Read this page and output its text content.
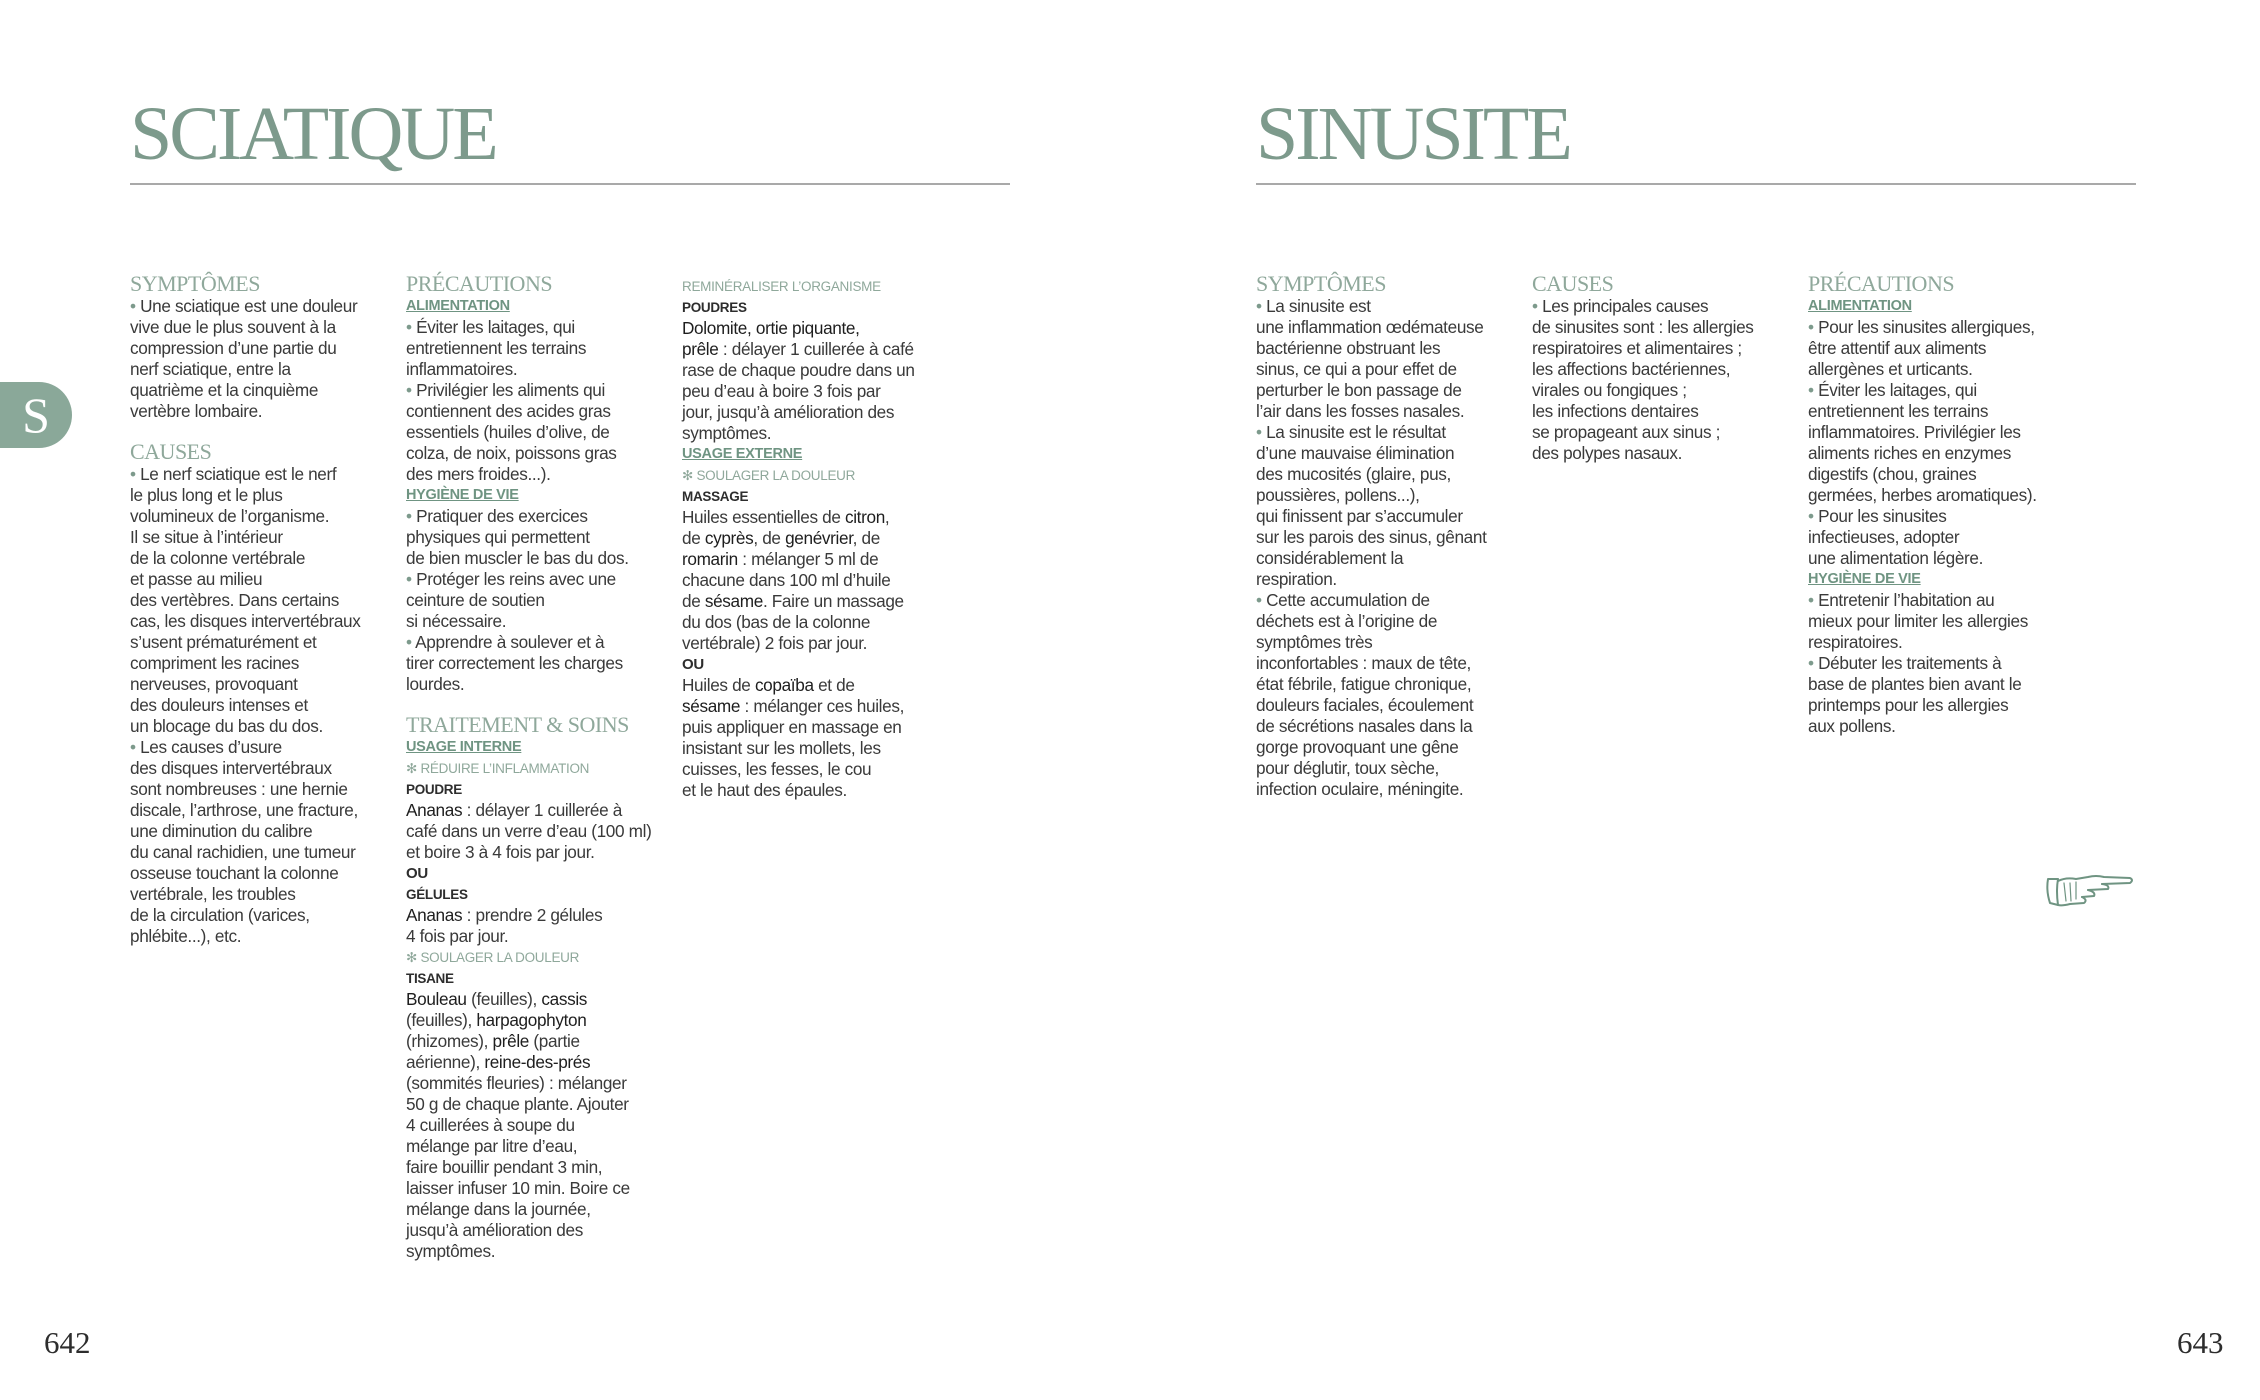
S
SCIATIQUE
SYMPTÔMES

• Une sciatique est une douleur
vive due le plus souvent à la
compression d’une partie du
nerf sciatique, entre la
quatrième et la cinquième
vertèbre lombaire.

CAUSES

• Le nerf sciatique est le nerf
le plus long et le plus
volumineux de l’organisme.
Il se situe à l’intérieur
de la colonne vertébrale
et passe au milieu
des vertèbres. Dans certains
cas, les disques intervertébraux
s’usent prématurément et
compriment les racines
nerveuses, provoquant
des douleurs intenses et
un blocage du bas du dos.

• Les causes d’usure
des disques intervertébraux
sont nombreuses : une hernie
discale, l’arthrose, une fracture,
une diminution du calibre
du canal rachidien, une tumeur
osseuse touchant la colonne
vertébrale, les troubles
de la circulation (varices,
phlébite...), etc.

PRÉCAUTIONS
ALIMENTATION

• Éviter les laitages, qui
entretiennent les terrains
inflammatoires.

• Privilégier les aliments qui
contiennent des acides gras
essentiels (huiles d’olive, de
colza, de noix, poissons gras
des mers froides...).

HYGIÈNE DE VIE

• Pratiquer des exercices
physiques qui permettent
de bien muscler le bas du dos.

• Protéger les reins avec une
ceinture de soutien
si nécessaire.

• Apprendre à soulever et à
tirer correctement les charges
lourdes.

TRAITEMENT & SOINS
USAGE INTERNE
✻ RÉDUIRE L’INFLAMMATION
POUDRE

Ananas : délayer 1 cuillerée à
café dans un verre d’eau (100 ml)
et boire 3 à 4 fois par jour.

OU
GÉLULES

Ananas : prendre 2 gélules
4 fois par jour.

✻ SOULAGER LA DOULEUR
TISANE

Bouleau (feuilles), cassis
(feuilles), harpagophyton
(rhizomes), prêle (partie
aérienne), reine-des-prés
(sommités fleuries) : mélanger
50 g de chaque plante. Ajouter
4 cuillerées à soupe du
mélange par litre d’eau,
faire bouillir pendant 3 min,
laisser infuser 10 min. Boire ce
mélange dans la journée,
jusqu’à amélioration des
symptômes.

REMINÉRALISER L’ORGANISME
POUDRES

Dolomite, ortie piquante,
prêle : délayer 1 cuillerée à café
rase de chaque poudre dans un
peu d’eau à boire 3 fois par
jour, jusqu’à amélioration des
symptômes.

USAGE EXTERNE
✻ SOULAGER LA DOULEUR
MASSAGE

Huiles essentielles de citron,
de cyprès, de genévrier, de
romarin : mélanger 5 ml de
chacune dans 100 ml d’huile
de sésame. Faire un massage
du dos (bas de la colonne
vertébrale) 2 fois par jour.

OU

Huiles de copaïba et de
sésame : mélanger ces huiles,
puis appliquer en massage en
insistant sur les mollets, les
cuisses, les fesses, le cou
et le haut des épaules.

642
SINUSITE
SYMPTÔMES

• La sinusite est
une inflammation œdémateuse
bactérienne obstruant les
sinus, ce qui a pour effet de
perturber le bon passage de
l’air dans les fosses nasales.

• La sinusite est le résultat
d’une mauvaise élimination
des mucosités (glaire, pus,
poussières, pollens...),
qui finissent par s’accumuler
sur les parois des sinus, gênant
considérablement la
respiration.

• Cette accumulation de
déchets est à l’origine de
symptômes très
inconfortables : maux de tête,
état fébrile, fatigue chronique,
douleurs faciales, écoulement
de sécrétions nasales dans la
gorge provoquant une gêne
pour déglutir, toux sèche,
infection oculaire, méningite.

CAUSES

• Les principales causes
de sinusites sont : les allergies
respiratoires et alimentaires ;
les affections bactériennes,
virales ou fongiques ;
les infections dentaires
se propageant aux sinus ;
des polypes nasaux.

PRÉCAUTIONS
ALIMENTATION

• Pour les sinusites allergiques,
être attentif aux aliments
allergènes et urticants.

• Éviter les laitages, qui
entretiennent les terrains
inflammatoires. Privilégier les
aliments riches en enzymes
digestifs (chou, graines
germées, herbes aromatiques).

• Pour les sinusites
infectieuses, adopter
une alimentation légère.

HYGIÈNE DE VIE

• Entretenir l’habitation au
mieux pour limiter les allergies
respiratoires.

• Débuter les traitements à
base de plantes bien avant le
printemps pour les allergies
aux pollens.

643
